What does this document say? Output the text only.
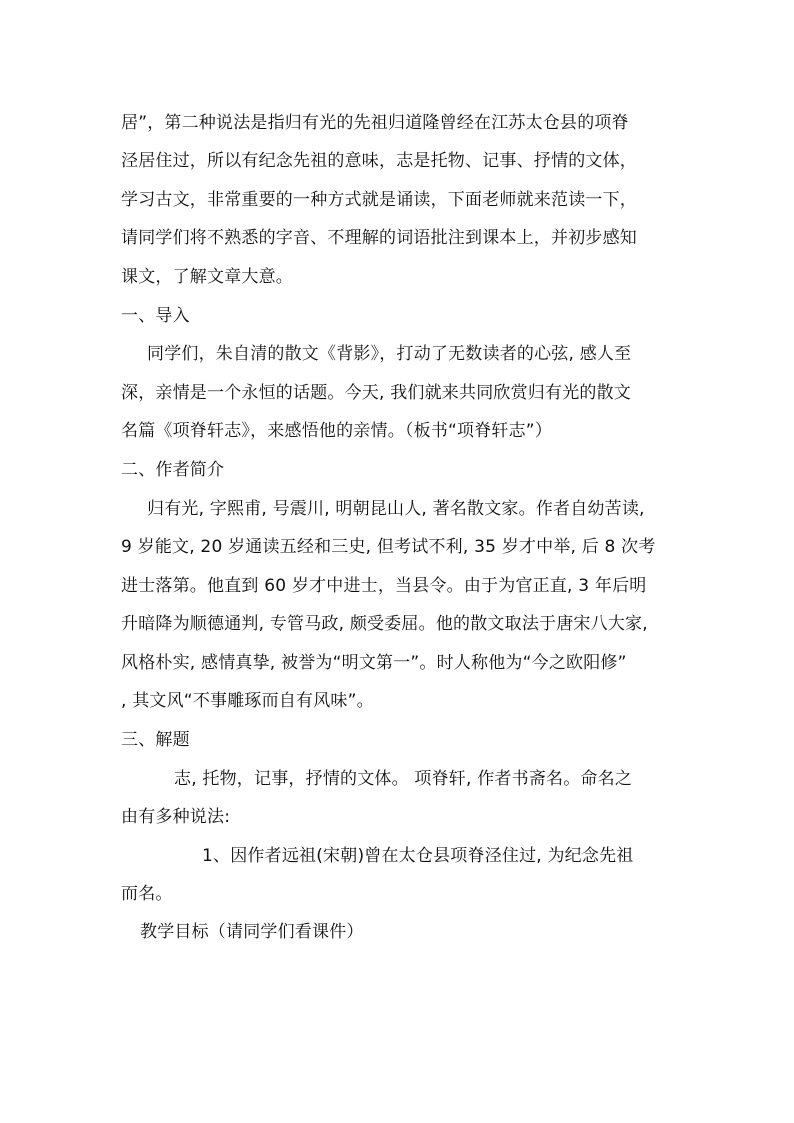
居”，第二种说法是指归有光的先祖归道隆曾经在江苏太仓县的项脊
泾居住过，所以有纪念先祖的意味，志是托物、记事、抒情的文体，
学习古文，非常重要的一种方式就是诵读，下面老师就来范读一下，
请同学们将不熟悉的字音、不理解的词语批注到课本上，并初步感知
课文，了解文章大意。
一、导入
同学们，朱自清的散文《背影》，打动了无数读者的心弦, 感人至
深，亲情是一个永恒的话题。今天, 我们就来共同欣赏归有光的散文
名篇《项脊轩志》，来感悟他的亲情。（板书“项脊轩志”）
二、作者简介
归有光, 字熙甫, 号震川, 明朝昆山人, 著名散文家。作者自幼苦读,
9 岁能文, 20 岁通读五经和三史, 但考试不利, 35 岁才中举, 后 8 次考
进士落第。他直到 60 岁才中进士，当县令。由于为官正直, 3 年后明
升暗降为顺德通判, 专管马政, 颇受委屈。他的散文取法于唐宋八大家,
风格朴实, 感情真挚, 被誉为“明文第一”。时人称他为“今之欧阳修”
, 其文风“不事雕琢而自有风味”。
三、解题
志, 托物，记事，抒情的文体。 项脊轩, 作者书斋名。命名之
由有多种说法:
1、因作者远祖(宋朝)曾在太仓县项脊泾住过, 为纪念先祖
而名。
教学目标（请同学们看课件）
